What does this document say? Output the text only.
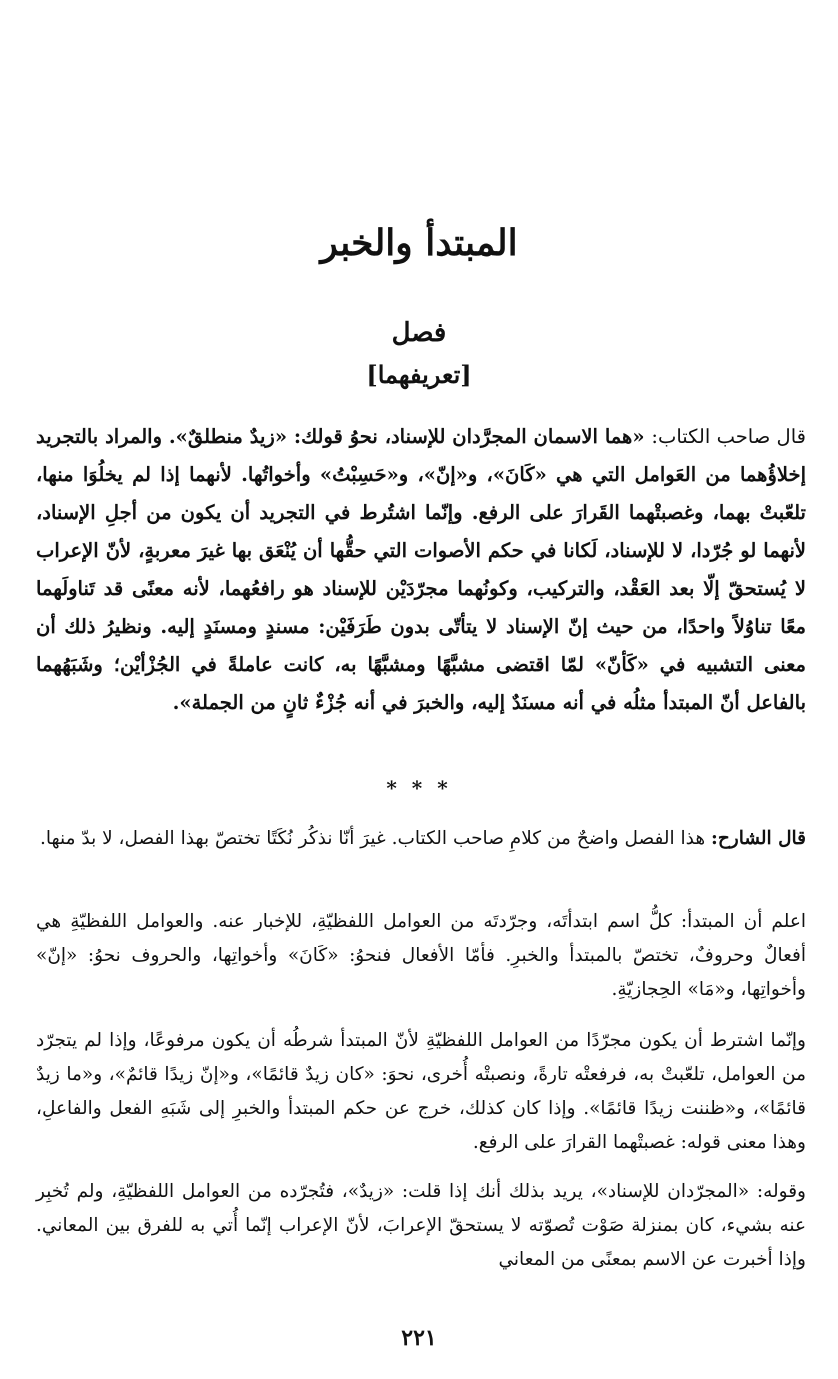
المبتدأ والخبر
فصل
[تعريفهما]

قال صاحب الكتاب: «هما الاسمان المجرَّدان للإسناد، نحوُ قولك: «زيدٌ منطلقٌ». والمراد بالتجريد إخلاؤُهما من العَوامل التي هي «كَانَ»، و«إنّ»، و«حَسِبْتُ» وأخواتُها. لأنهما إذا لم يخلُوَا منها، تلعّبتْ بهما، وغصبتْهما القَرارَ على الرفع. وإنّما اشتُرط في التجريد أن يكون من أجلِ الإسناد، لأنهما لو جُرّدا، لا للإسناد، لَكانا في حكم الأصوات التي حقُّها أن يُنْعَق بها غيرَ معربةٍ، لأنّ الإعراب لا يُستحقّ إلّا بعد العَقْد، والتركيب، وكونُهما مجرّدَيْن للإسناد هو رافعُهما، لأنه معنًى قد تَناولَهما معًا تناوُلاً واحدًا، من حيث إنّ الإسناد لا يتأتّى بدون طَرَفَيْن: مسندٍ ومسنَدٍ إليه. ونظيرُ ذلك أن معنى التشبيه في «كَأنّ» لمّا اقتضى مشبَّهًا ومشبَّهًا به، كانت عاملةً في الجُزْأيْن؛ وشَبَهُهما بالفاعل أنّ المبتدأ مثلُه في أنه مسنَدٌ إليه، والخبرَ في أنه جُزْءٌ ثانٍ من الجملة».

* * *

قال الشارح: هذا الفصل واضحٌ من كلامِ صاحب الكتاب. غيرَ أنّا نذكُر نُكَتًا تختصّ بهذا الفصل، لا بدّ منها.

اعلم أن المبتدأ: كلُّ اسم ابتدأتَه، وجرّدتَه من العوامل اللفظيّةِ، للإخبار عنه. والعوامل اللفظيّةِ هي أفعالٌ وحروفٌ، تختصّ بالمبتدأ والخبرِ. فأمّا الأفعال فنحوُ: «كَانَ» وأخواتِها، والحروف نحوُ: «إنّ» وأخواتِها، و«مَا» الحِجازيّةِ.

وإنّما اشترط أن يكون مجرّدًا من العوامل اللفظيّةِ لأنّ المبتدأ شرطُه أن يكون مرفوعًا، وإذا لم يتجرّد من العوامل، تلعّبتْ به، فرفعتْه تارةً، ونصبتْه أُخرى، نحوَ: «كان زيدٌ قائمًا»، و«إنّ زيدًا قائمٌ»، و«ما زيدٌ قائمًا»، و«ظننت زيدًا قائمًا». وإذا كان كذلك، خرج عن حكم المبتدأ والخبرِ إلى شَبَهِ الفعل والفاعلِ، وهذا معنى قوله: غصبتْهما القرارَ على الرفع.

وقوله: «المجرّدان للإسناد»، يريد بذلك أنك إذا قلت: «زيدٌ»، فتُجرّده من العوامل اللفظيّةِ، ولم تُخبِر عنه بشيء، كان بمنزلة صَوْت تُصوّته لا يستحقّ الإعرابَ، لأنّ الإعراب إنّما أُتي به للفرق بين المعاني. وإذا أخبرت عن الاسم بمعنًى من المعاني

٢٢١
